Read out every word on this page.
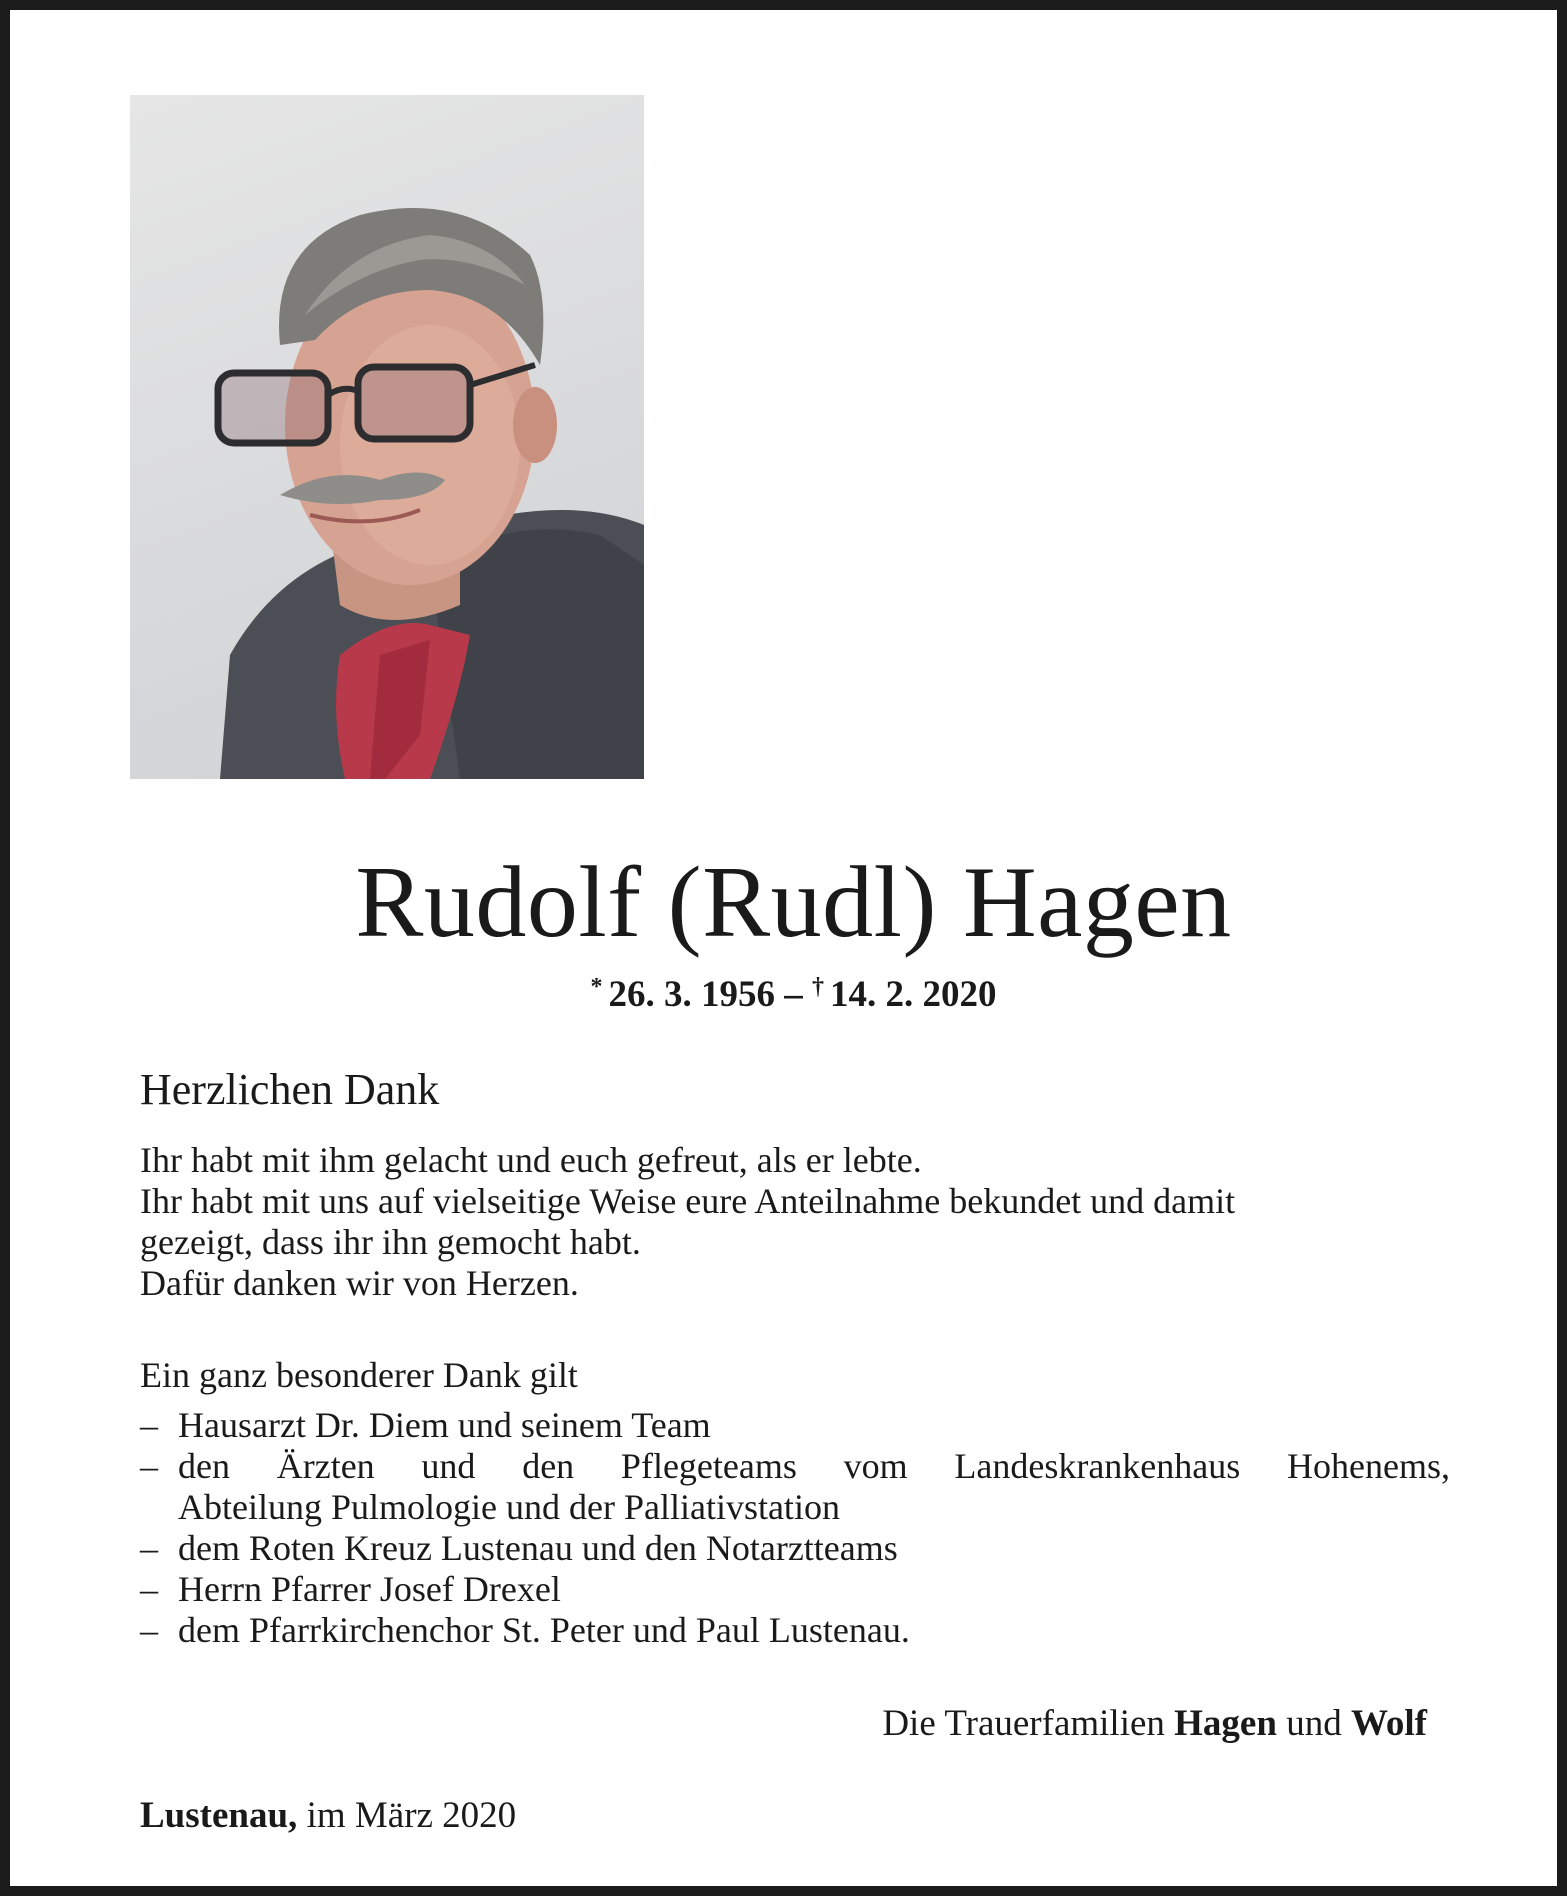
Rudolf (Rudl) Hagen
* 26. 3. 1956 – † 14. 2. 2020
Herzlichen Dank
Ihr habt mit ihm gelacht und euch gefreut, als er lebte.
Ihr habt mit uns auf vielseitige Weise eure Anteilnahme bekundet und damit
gezeigt, dass ihr ihn gemocht habt.
Dafür danken wir von Herzen.
Ein ganz besonderer Dank gilt
– Hausarzt Dr. Diem und seinem Team
– den Ärzten und den Pflegeteams vom Landeskrankenhaus Hohenems,
Abteilung Pulmologie und der Palliativstation
– dem Roten Kreuz Lustenau und den Notarztteams
– Herrn Pfarrer Josef Drexel
– dem Pfarrkirchenchor St. Peter und Paul Lustenau.
Die Trauerfamilien Hagen und Wolf
Lustenau, im März 2020
